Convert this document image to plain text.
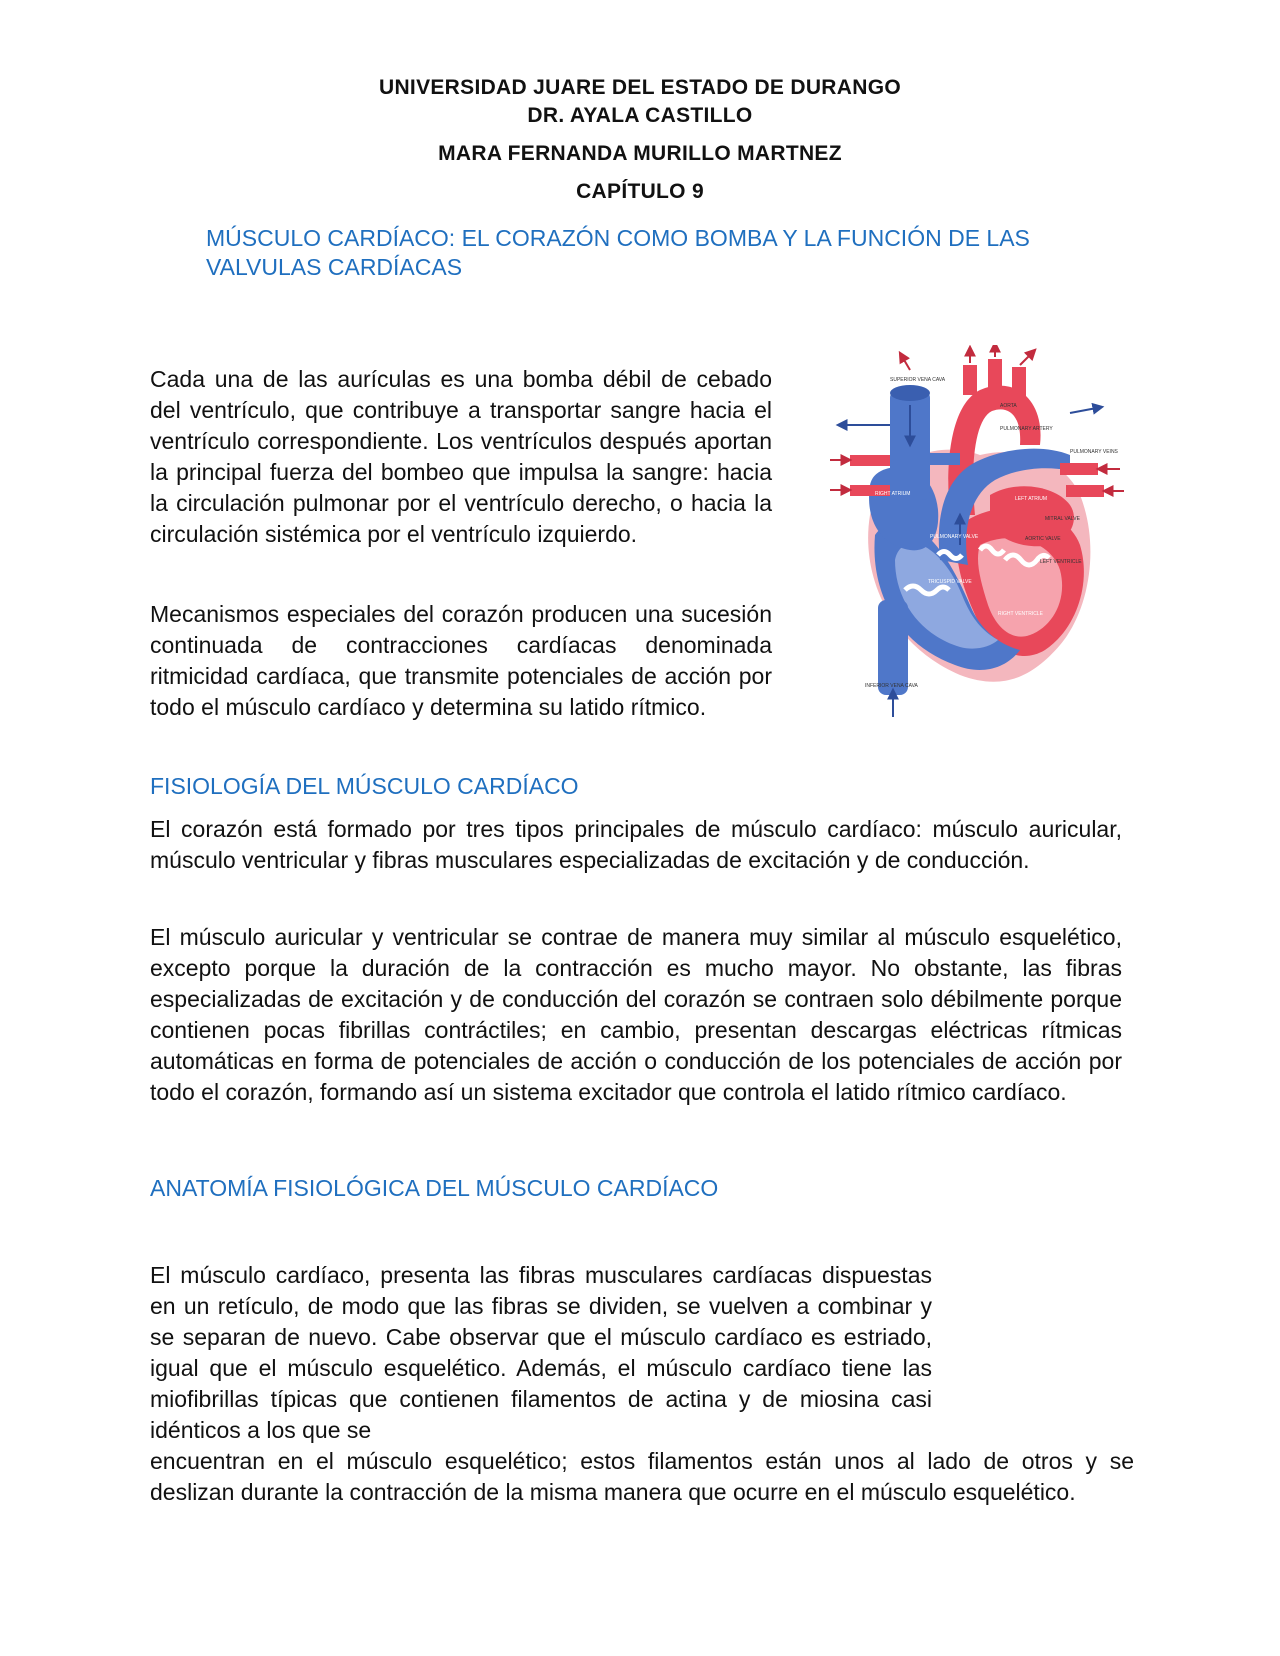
UNIVERSIDAD JUARE DEL ESTADO DE DURANGO
DR. AYALA CASTILLO
MARA FERNANDA MURILLO MARTNEZ
CAPÍTULO 9
MÚSCULO CARDÍACO: EL CORAZÓN COMO BOMBA Y LA FUNCIÓN DE LAS VALVULAS CARDÍACAS

Cada una de las aurículas es una bomba débil de cebado del ventrículo, que contribuye a transportar sangre hacia el ventrículo correspondiente. Los ventrículos después aportan la principal fuerza del bombeo que impulsa la sangre: hacia la circulación pulmonar por el ventrículo derecho, o hacia la circulación sistémica por el ventrículo izquierdo.

Mecanismos especiales del corazón producen una sucesión continuada de contracciones cardíacas denominada ritmicidad cardíaca, que transmite potenciales de acción por todo el músculo cardíaco y determina su latido rítmico.

SUPERIOR VENA CAVA
AORTA
PULMONARY ARTERY
PULMONARY VEINS
LEFT ATRIUM
RIGHT ATRIUM
MITRAL VALVE
AORTIC VALVE
PULMONARY VALVE
LEFT VENTRICLE
TRICUSPID VALVE
RIGHT VENTRICLE
INFERIOR VENA CAVA
FISIOLOGÍA DEL MÚSCULO CARDÍACO

El corazón está formado por tres tipos principales de músculo cardíaco: músculo auricular, músculo ventricular y fibras musculares especializadas de excitación y de conducción.

El músculo auricular y ventricular se contrae de manera muy similar al músculo esquelético, excepto porque la duración de la contracción es mucho mayor. No obstante, las fibras especializadas de excitación y de conducción del corazón se contraen solo débilmente porque contienen pocas fibrillas contráctiles; en cambio, presentan descargas eléctricas rítmicas automáticas en forma de potenciales de acción o conducción de los potenciales de acción por todo el corazón, formando así un sistema excitador que controla el latido rítmico cardíaco.

ANATOMÍA FISIOLÓGICA DEL MÚSCULO CARDÍACO

El músculo cardíaco, presenta las fibras musculares cardíacas dispuestas en un retículo, de modo que las fibras se dividen, se vuelven a combinar y se separan de nuevo. Cabe observar que el músculo cardíaco es estriado, igual que el músculo esquelético. Además, el músculo cardíaco tiene las miofibrillas típicas que contienen filamentos de actina y de miosina casi idénticos a los que se

encuentran en el músculo esquelético; estos filamentos están unos al lado de otros y se deslizan durante la contracción de la misma manera que ocurre en el músculo esquelético.
